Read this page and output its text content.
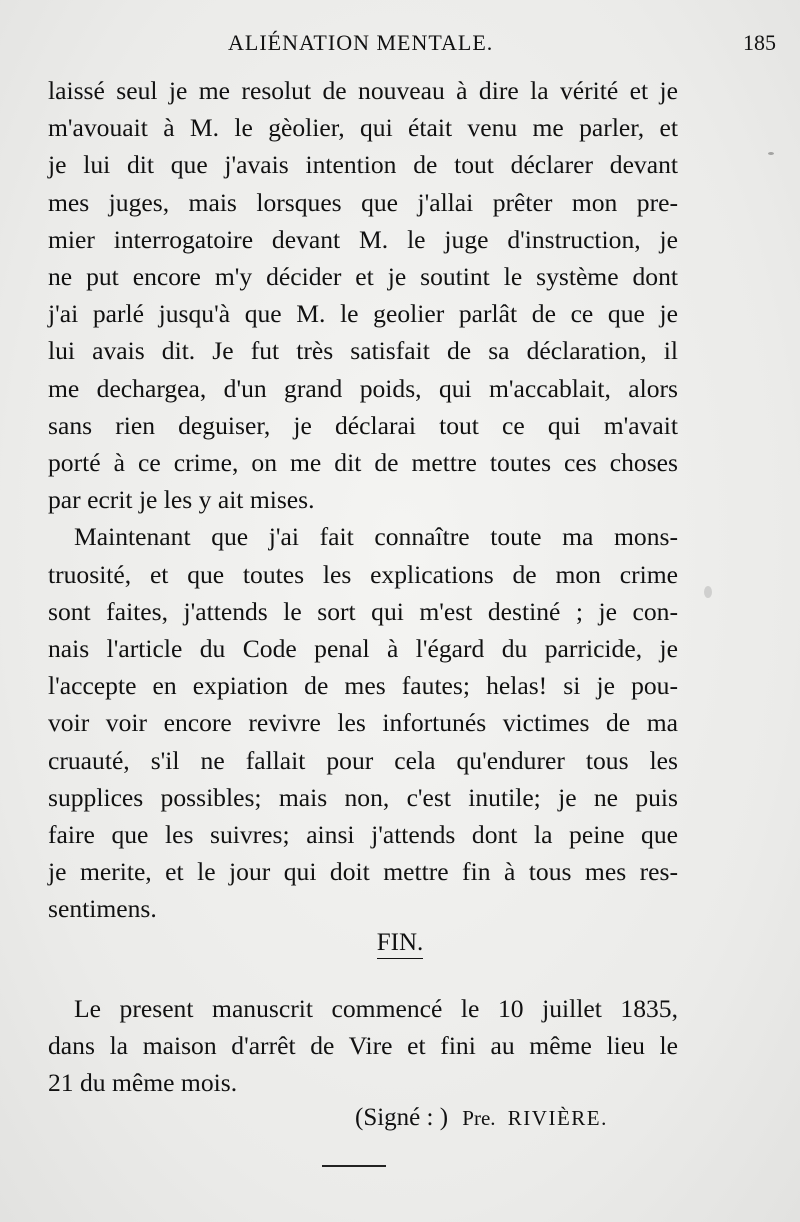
ALIÉNATION MENTALE.	185

laissé seul je me resolut de nouveau à dire la vérité et je
m'avouait à M. le gèolier, qui était venu me parler, et
je lui dit que j'avais intention de tout déclarer devant
mes juges, mais lorsques que j'allai prêter mon pre-
mier interrogatoire devant M. le juge d'instruction, je
ne put encore m'y décider et je soutint le système dont
j'ai parlé jusqu'à que M. le geolier parlât de ce que je
lui avais dit. Je fut très satisfait de sa déclaration, il
me dechargea, d'un grand poids, qui m'accablait, alors
sans rien deguiser, je déclarai tout ce qui m'avait
porté à ce crime, on me dit de mettre toutes ces choses
par ecrit je les y ait mises.

Maintenant que j'ai fait connaître toute ma mons-
truosité, et que toutes les explications de mon crime
sont faites, j'attends le sort qui m'est destiné ; je con-
nais l'article du Code penal à l'égard du parricide, je
l'accepte en expiation de mes fautes; helas! si je pou-
voir voir encore revivre les infortunés victimes de ma
cruauté, s'il ne fallait pour cela qu'endurer tous les
supplices possibles; mais non, c'est inutile; je ne puis
faire que les suivres; ainsi j'attends dont la peine que
je merite, et le jour qui doit mettre fin à tous mes res-
sentimens.

FIN.
Le present manuscrit commencé le 10 juillet 1835,
dans la maison d'arrêt de Vire et fini au même lieu le
21 du même mois.
(Signé : ) Pre. RIVIÈRE.
